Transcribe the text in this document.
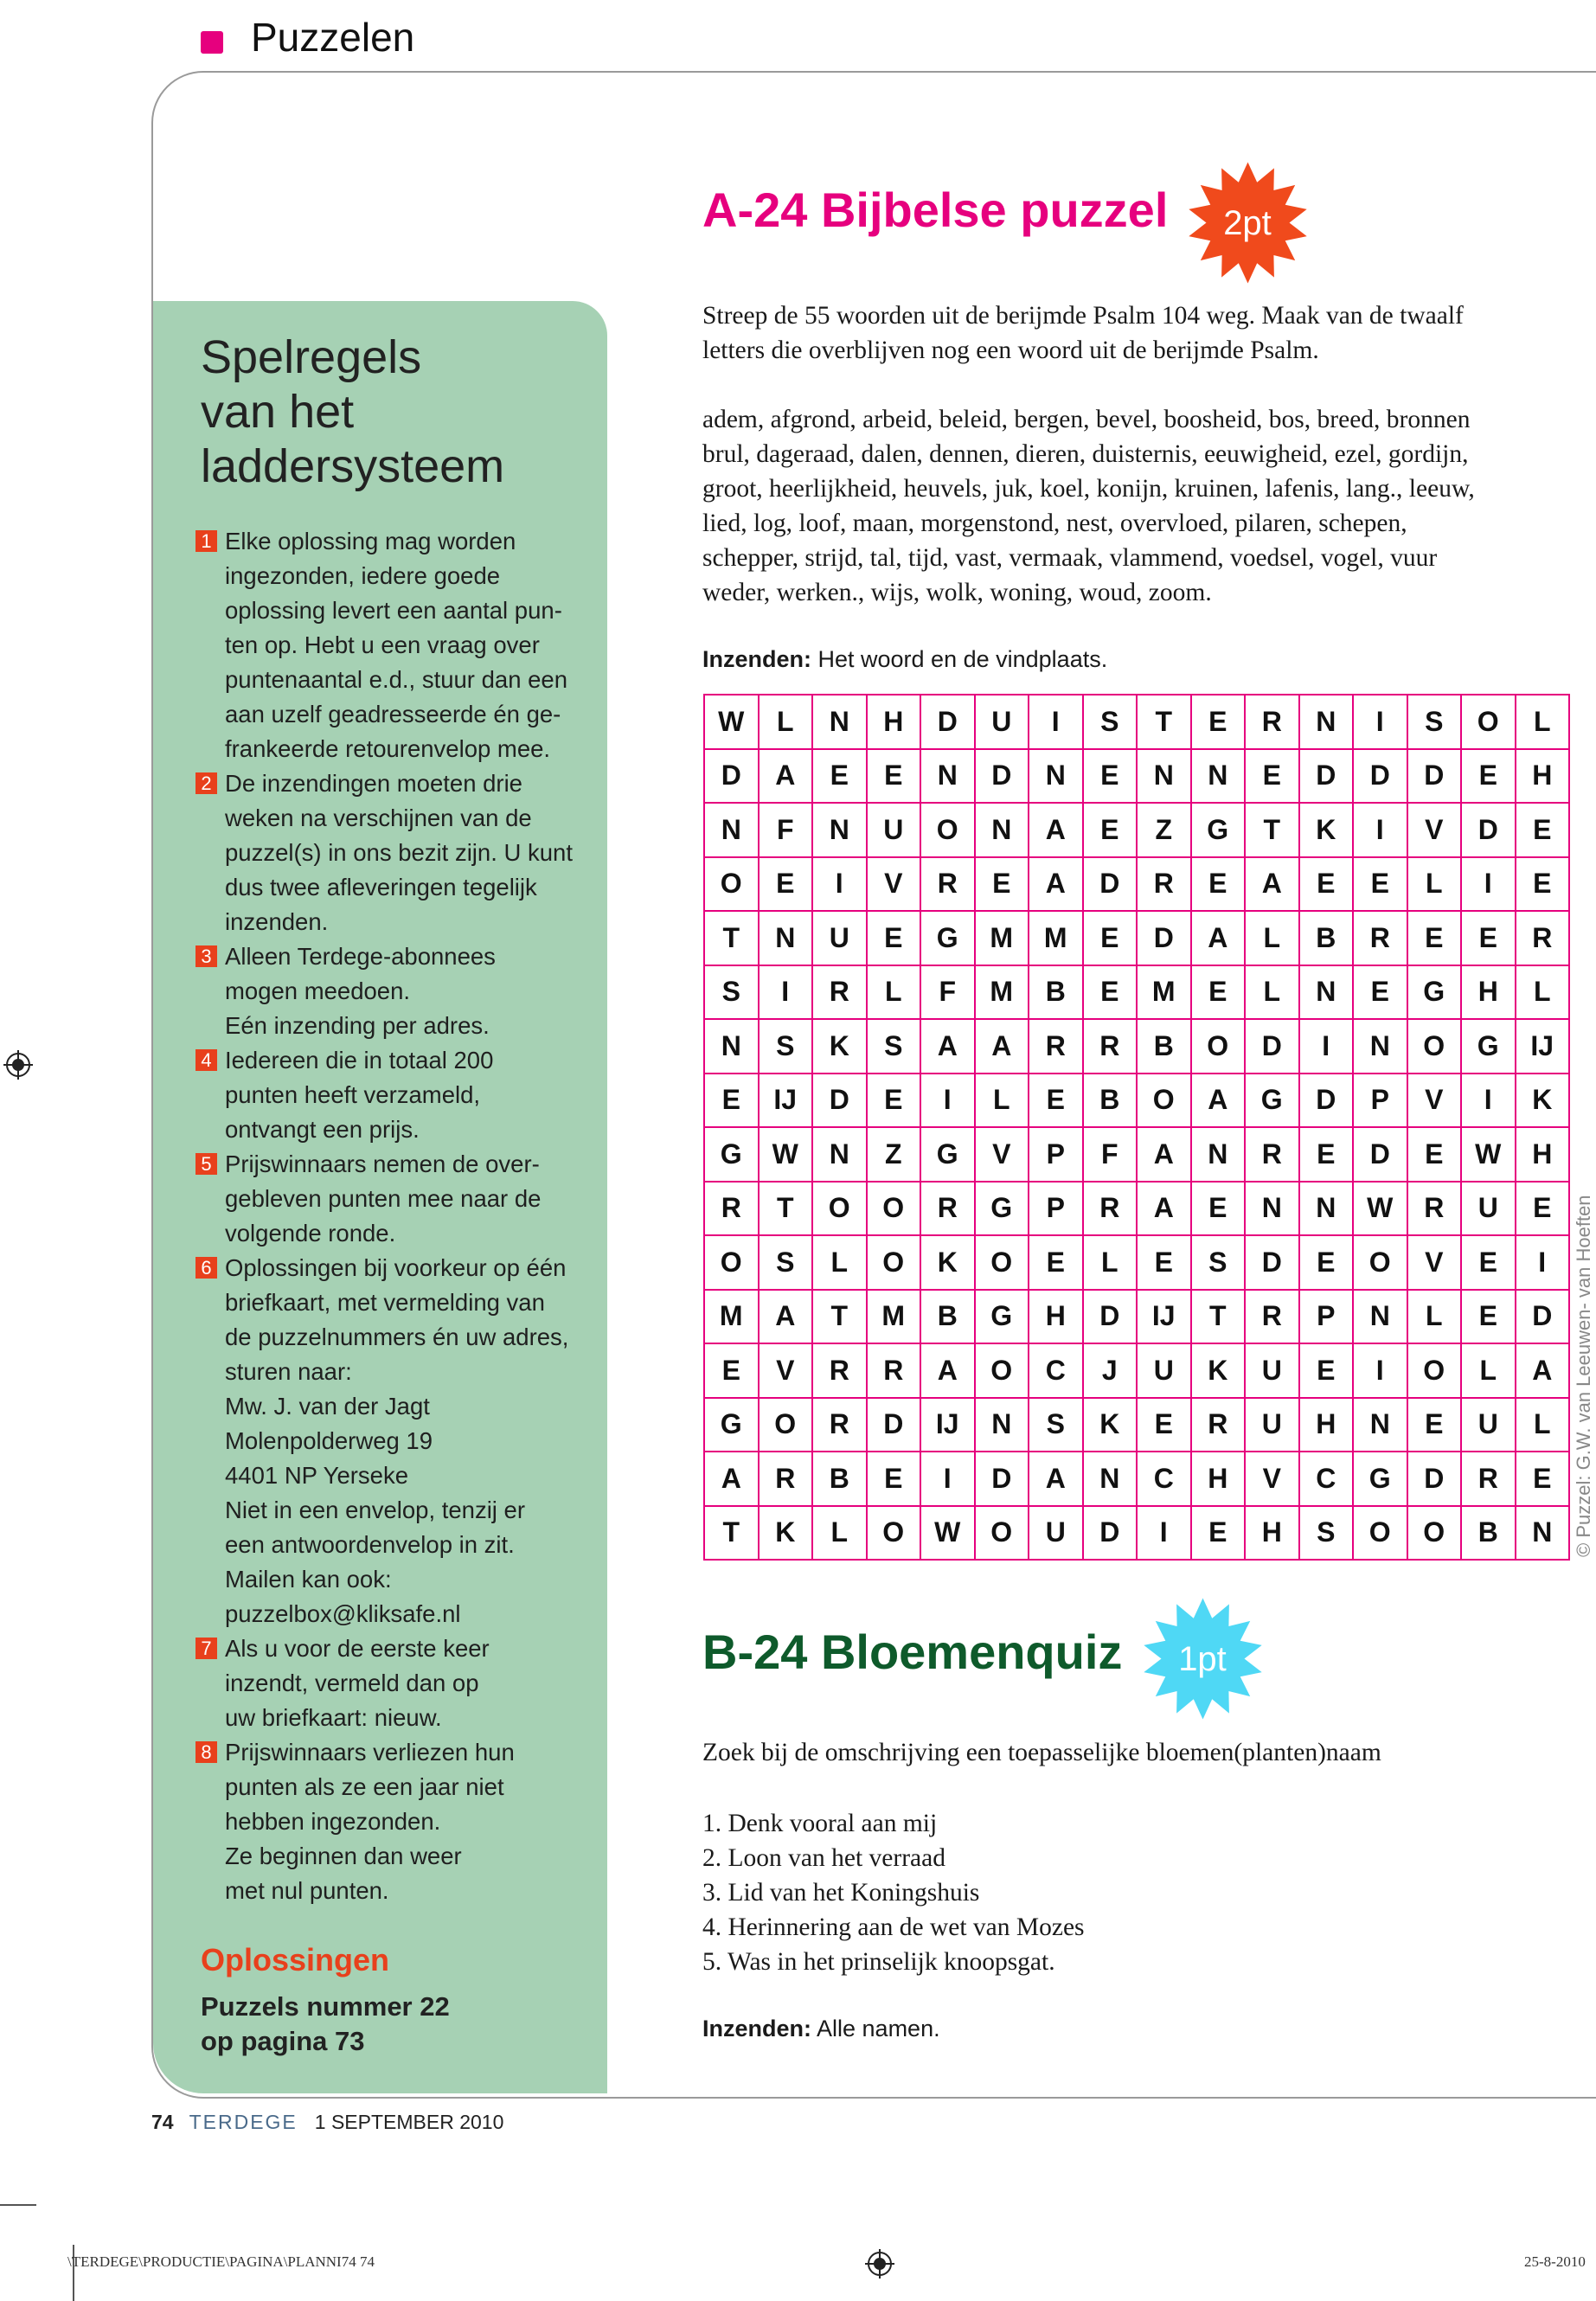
Puzzelen
Spelregels
van het
laddersysteem
1 Elke oplossing mag worden
ingezonden, iedere goede
oplossing levert een aantal pun-
ten op. Hebt u een vraag over
puntenaantal e.d., stuur dan een
aan uzelf geadresseerde én ge-
frankeerde retourenvelop mee.
2 De inzendingen moeten drie
weken na verschijnen van de
puzzel(s) in ons bezit zijn. U kunt
dus twee afleveringen tegelijk
inzenden.
3 Alleen Terdege-abonnees
mogen meedoen.
Eén inzending per adres.
4 Iedereen die in totaal 200
punten heeft verzameld,
ontvangt een prijs.
5 Prijswinnaars nemen de over-
gebleven punten mee naar de
volgende ronde.
6 Oplossingen bij voorkeur op één
briefkaart, met vermelding van
de puzzelnummers én uw adres,
sturen naar:
Mw. J. van der Jagt
Molenpolderweg 19
4401 NP Yerseke
Niet in een envelop, tenzij er
een antwoordenvelop in zit.
Mailen kan ook:
puzzelbox@kliksafe.nl
7 Als u voor de eerste keer
inzendt, vermeld dan op
uw briefkaart: nieuw.
8 Prijswinnaars verliezen hun
punten als ze een jaar niet
hebben ingezonden.
Ze beginnen dan weer
met nul punten.
Oplossingen
Puzzels nummer 22
op pagina 73
A-24 Bijbelse puzzel 2pt
Streep de 55 woorden uit de berijmde Psalm 104 weg. Maak van de twaalf
letters die overblijven nog een woord uit de berijmde Psalm.
adem, afgrond, arbeid, beleid, bergen, bevel, boosheid, bos, breed, bronnen
brul, dageraad, dalen, dennen, dieren, duisternis, eeuwigheid, ezel, gordijn,
groot, heerlijkheid, heuvels, juk, koel, konijn, kruinen, lafenis, lang., leeuw,
lied, log, loof, maan, morgenstond, nest, overvloed, pilaren, schepen,
schepper, strijd, tal, tijd, vast, vermaak, vlammend, voedsel, vogel, vuur
weder, werken., wijs, wolk, woning, woud, zoom.
Inzenden: Het woord en de vindplaats.
W	L	N	H	D	U	I	S	T	E	R	N	I	S	O	L
D	A	E	E	N	D	N	E	N	N	E	D	D	D	E	H
N	F	N	U	O	N	A	E	Z	G	T	K	I	V	D	E
O	E	I	V	R	E	A	D	R	E	A	E	E	L	I	E
T	N	U	E	G	M	M	E	D	A	L	B	R	E	E	R
S	I	R	L	F	M	B	E	M	E	L	N	E	G	H	L
N	S	K	S	A	A	R	R	B	O	D	I	N	O	G	IJ
E	IJ	D	E	I	L	E	B	O	A	G	D	P	V	I	K
G	W	N	Z	G	V	P	F	A	N	R	E	D	E	W	H
R	T	O	O	R	G	P	R	A	E	N	N	W	R	U	E
O	S	L	O	K	O	E	L	E	S	D	E	O	V	E	I
M	A	T	M	B	G	H	D	IJ	T	R	P	N	L	E	D
E	V	R	R	A	O	C	J	U	K	U	E	I	O	L	A
G	O	R	D	IJ	N	S	K	E	R	U	H	N	E	U	L
A	R	B	E	I	D	A	N	C	H	V	C	G	D	R	E
T	K	L	O	W	O	U	D	I	E	H	S	O	O	B	N © Puzzel: G.W. van Leeuwen- van Hoeften
B-24 Bloemenquiz 1pt
Zoek bij de omschrijving een toepasselijke bloemen(planten)naam
1. Denk vooral aan mij
2. Loon van het verraad
3. Lid van het Koningshuis
4. Herinnering aan de wet van Mozes
5. Was in het prinselijk knoopsgat.
Inzenden: Alle namen.
74 TERDEGE 1 SEPTEMBER 2010
\TERDEGE\PRODUCTIE\PAGINA\PLANNI74 74	25-8-2010
